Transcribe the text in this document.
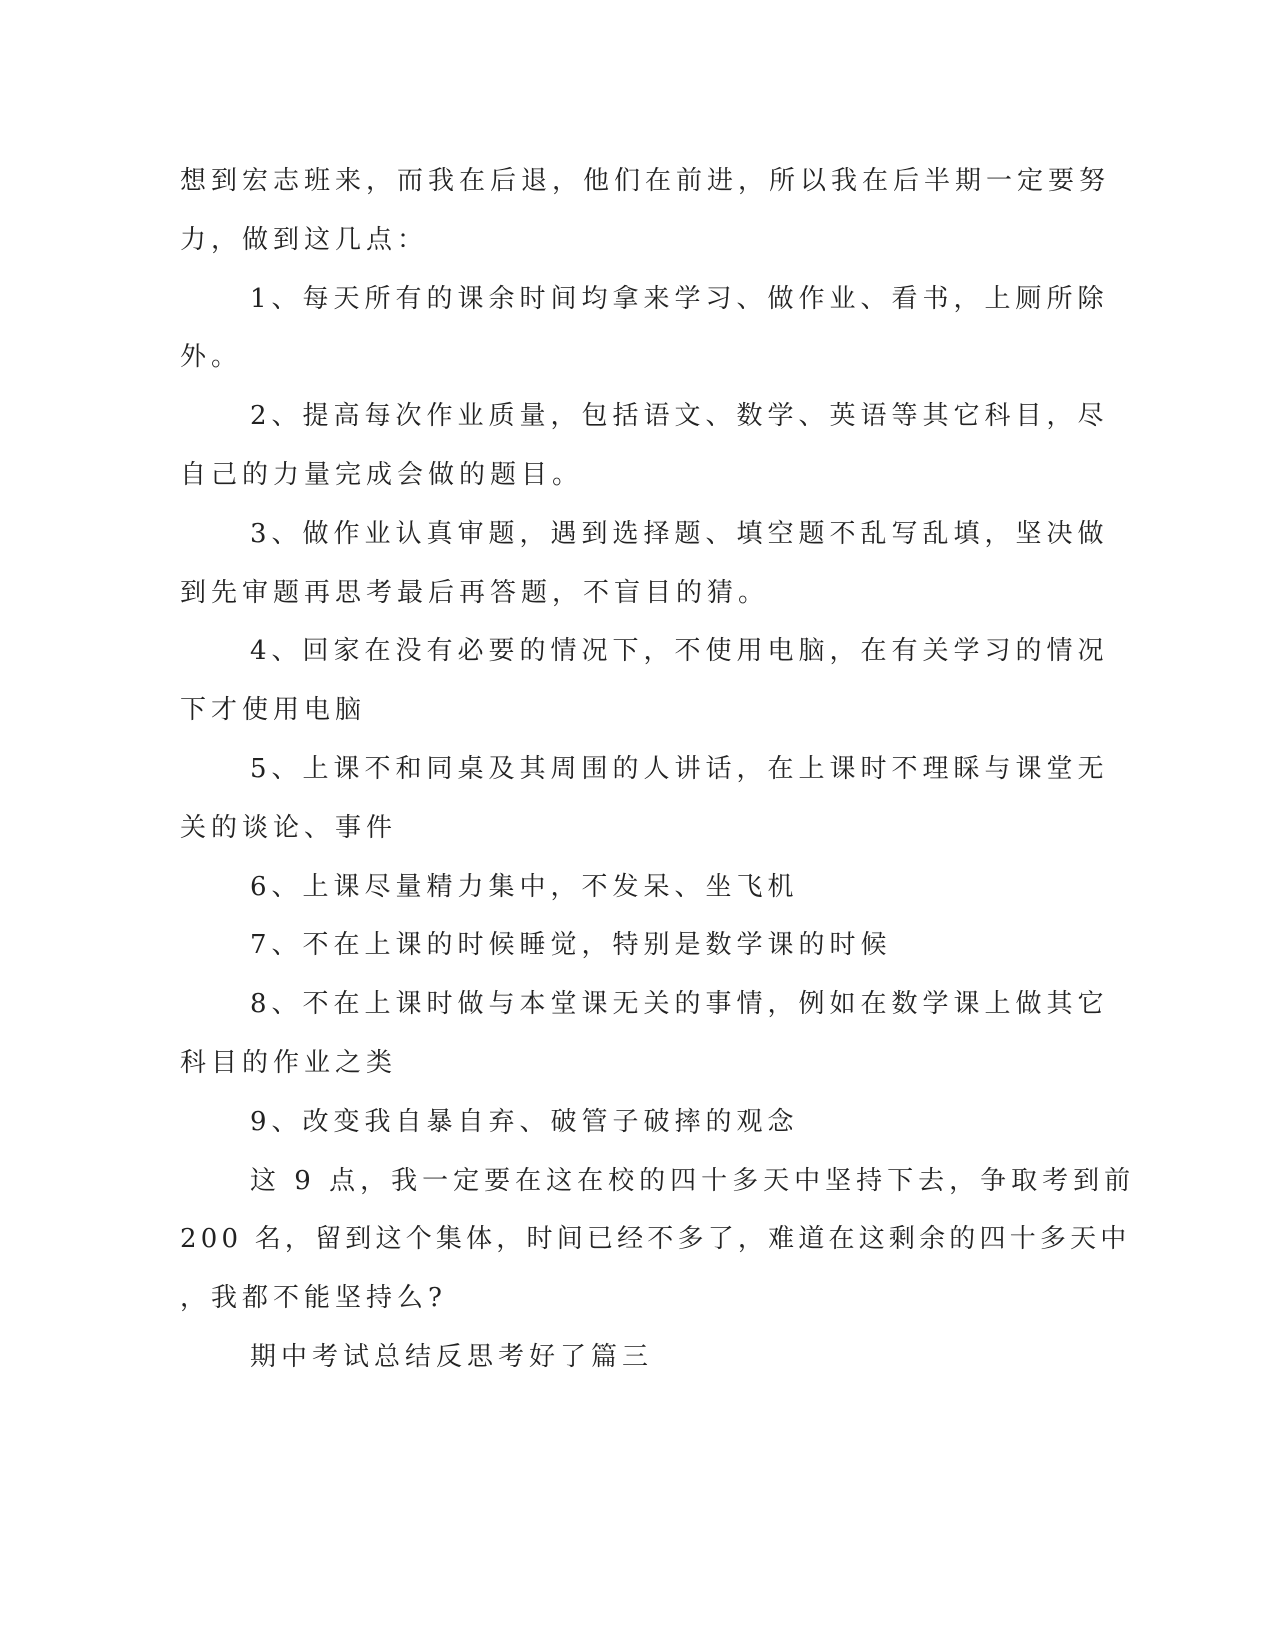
想到宏志班来，而我在后退，他们在前进，所以我在后半期一定要努

力，做到这几点：

1、每天所有的课余时间均拿来学习、做作业、看书，上厕所除

外。

2、提高每次作业质量，包括语文、数学、英语等其它科目，尽

自己的力量完成会做的题目。

3、做作业认真审题，遇到选择题、填空题不乱写乱填，坚决做

到先审题再思考最后再答题，不盲目的猜。

4、回家在没有必要的情况下，不使用电脑，在有关学习的情况

下才使用电脑

5、上课不和同桌及其周围的人讲话，在上课时不理睬与课堂无

关的谈论、事件

6、上课尽量精力集中，不发呆、坐飞机

7、不在上课的时候睡觉，特别是数学课的时候

8、不在上课时做与本堂课无关的事情，例如在数学课上做其它

科目的作业之类

9、改变我自暴自弃、破管子破摔的观念

这 9 点，我一定要在这在校的四十多天中坚持下去，争取考到前

200 名，留到这个集体，时间已经不多了，难道在这剩余的四十多天中

，我都不能坚持么?

期中考试总结反思考好了篇三
